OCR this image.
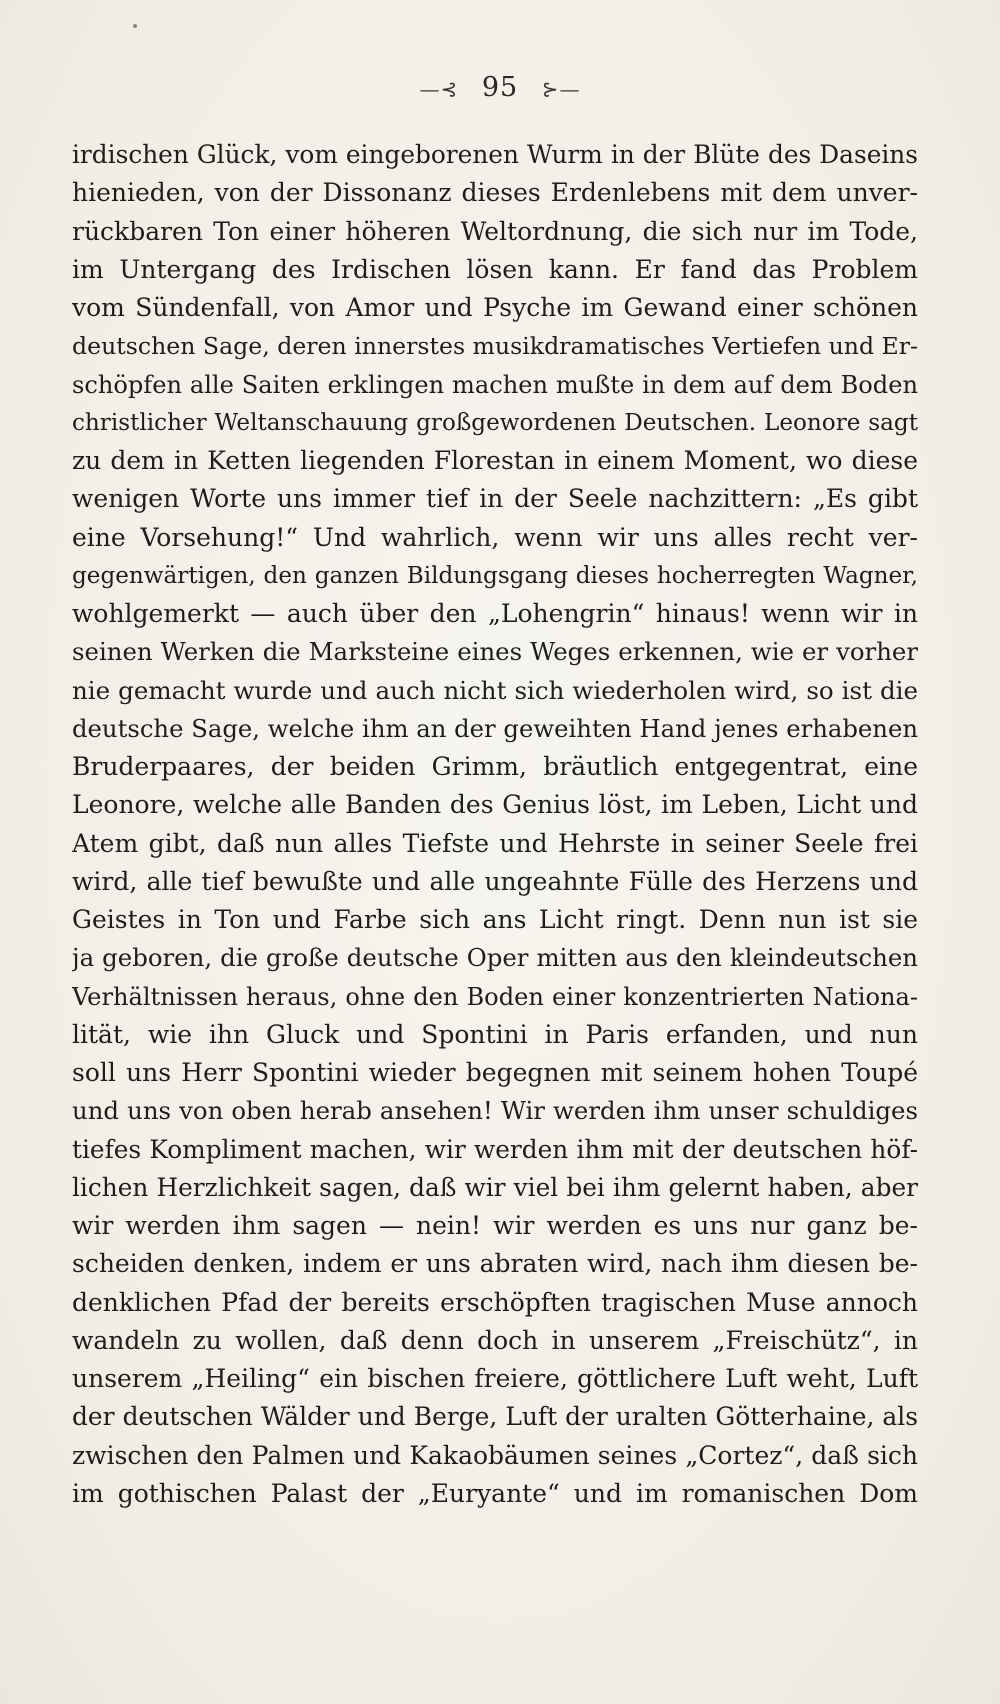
—⊰ 95 ⊱—
irdischen Glück, vom eingeborenen Wurm in der Blüte des Daseins
hienieden, von der Dissonanz dieses Erdenlebens mit dem unver-
rückbaren Ton einer höheren Weltordnung, die sich nur im Tode,
im Untergang des Irdischen lösen kann. Er fand das Problem
vom Sündenfall, von Amor und Psyche im Gewand einer schönen
deutschen Sage, deren innerstes musikdramatisches Vertiefen und Er-
schöpfen alle Saiten erklingen machen mußte in dem auf dem Boden
christlicher Weltanschauung großgewordenen Deutschen. Leonore sagt
zu dem in Ketten liegenden Florestan in einem Moment, wo diese
wenigen Worte uns immer tief in der Seele nachzittern: „Es gibt
eine Vorsehung!“ Und wahrlich, wenn wir uns alles recht ver-
gegenwärtigen, den ganzen Bildungsgang dieses hocherregten Wagner,
wohlgemerkt — auch über den „Lohengrin“ hinaus! wenn wir in
seinen Werken die Marksteine eines Weges erkennen, wie er vorher
nie gemacht wurde und auch nicht sich wiederholen wird, so ist die
deutsche Sage, welche ihm an der geweihten Hand jenes erhabenen
Bruderpaares, der beiden Grimm, bräutlich entgegentrat, eine
Leonore, welche alle Banden des Genius löst, im Leben, Licht und
Atem gibt, daß nun alles Tiefste und Hehrste in seiner Seele frei
wird, alle tief bewußte und alle ungeahnte Fülle des Herzens und
Geistes in Ton und Farbe sich ans Licht ringt. Denn nun ist sie
ja geboren, die große deutsche Oper mitten aus den kleindeutschen
Verhältnissen heraus, ohne den Boden einer konzentrierten Nationa-
lität, wie ihn Gluck und Spontini in Paris erfanden, und nun
soll uns Herr Spontini wieder begegnen mit seinem hohen Toupé
und uns von oben herab ansehen! Wir werden ihm unser schuldiges
tiefes Kompliment machen, wir werden ihm mit der deutschen höf-
lichen Herzlichkeit sagen, daß wir viel bei ihm gelernt haben, aber
wir werden ihm sagen — nein! wir werden es uns nur ganz be-
scheiden denken, indem er uns abraten wird, nach ihm diesen be-
denklichen Pfad der bereits erschöpften tragischen Muse annoch
wandeln zu wollen, daß denn doch in unserem „Freischütz“, in
unserem „Heiling“ ein bischen freiere, göttlichere Luft weht, Luft
der deutschen Wälder und Berge, Luft der uralten Götterhaine, als
zwischen den Palmen und Kakaobäumen seines „Cortez“, daß sich
im gothischen Palast der „Euryante“ und im romanischen Dom
